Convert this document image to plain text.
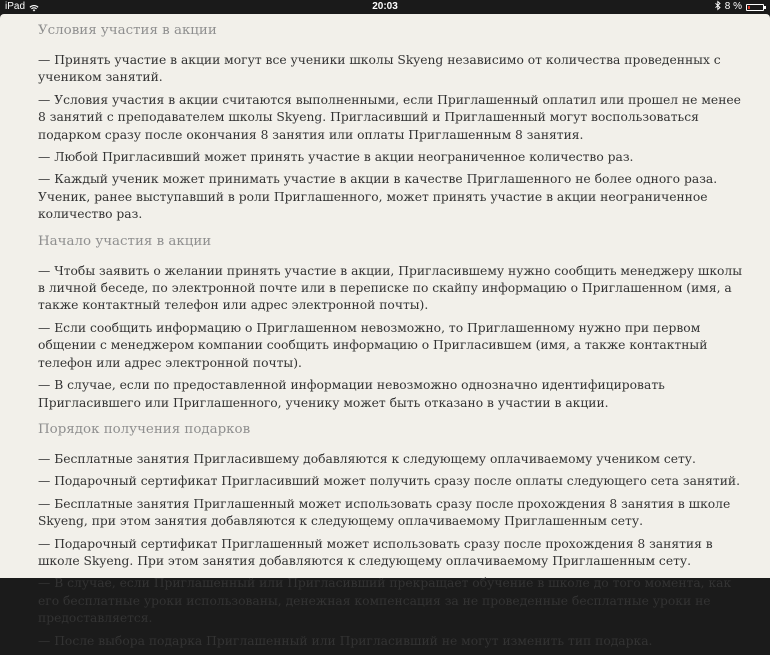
iPad	20:03	8 %
Условия участия в акции

— Принять участие в акции могут все ученики школы Skyeng независимо от количества проведенных с учеником занятий.

— Условия участия в акции считаются выполненными, если Приглашенный оплатил или прошел не менее 8 занятий с преподавателем школы Skyeng. Пригласивший и Приглашенный могут воспользоваться подарком сразу после окончания 8 занятия или оплаты Приглашенным 8 занятия.

— Любой Пригласивший может принять участие в акции неограниченное количество раз.

— Каждый ученик может принимать участие в акции в качестве Приглашенного не более одного раза. Ученик, ранее выступавший в роли Приглашенного, может принять участие в акции неограниченное количество раз.

Начало участия в акции

— Чтобы заявить о желании принять участие в акции, Пригласившему нужно сообщить менеджеру школы в личной беседе, по электронной почте или в переписке по скайпу информацию о Приглашенном (имя, а также контактный телефон или адрес электронной почты).

— Если сообщить информацию о Приглашенном невозможно, то Приглашенному нужно при первом общении с менеджером компании сообщить информацию о Пригласившем (имя, а также контактный телефон или адрес электронной почты).

— В случае, если по предоставленной информации невозможно однозначно идентифицировать Пригласившего или Приглашенного, ученику может быть отказано в участии в акции.

Порядок получения подарков

— Бесплатные занятия Пригласившему добавляются к следующему оплачиваемому учеником сету.

— Подарочный сертификат Пригласивший может получить сразу после оплаты следующего сета занятий.

— Бесплатные занятия Приглашенный может использовать сразу после прохождения 8 занятия в школе Skyeng, при этом занятия добавляются к следующему оплачиваемому Приглашенным сету.

— Подарочный сертификат Приглашенный может использовать сразу после прохождения 8 занятия в школе Skyeng. При этом занятия добавляются к следующему оплачиваемому Приглашенным сету.

— В случае, если Приглашенный или Пригласивший прекращает обучение в школе до того момента, как его бесплатные уроки использованы, денежная компенсация за не проведенные бесплатные уроки не предоставляется.

— После выбора подарка Приглашенный или Пригласивший не могут изменить тип подарка.
